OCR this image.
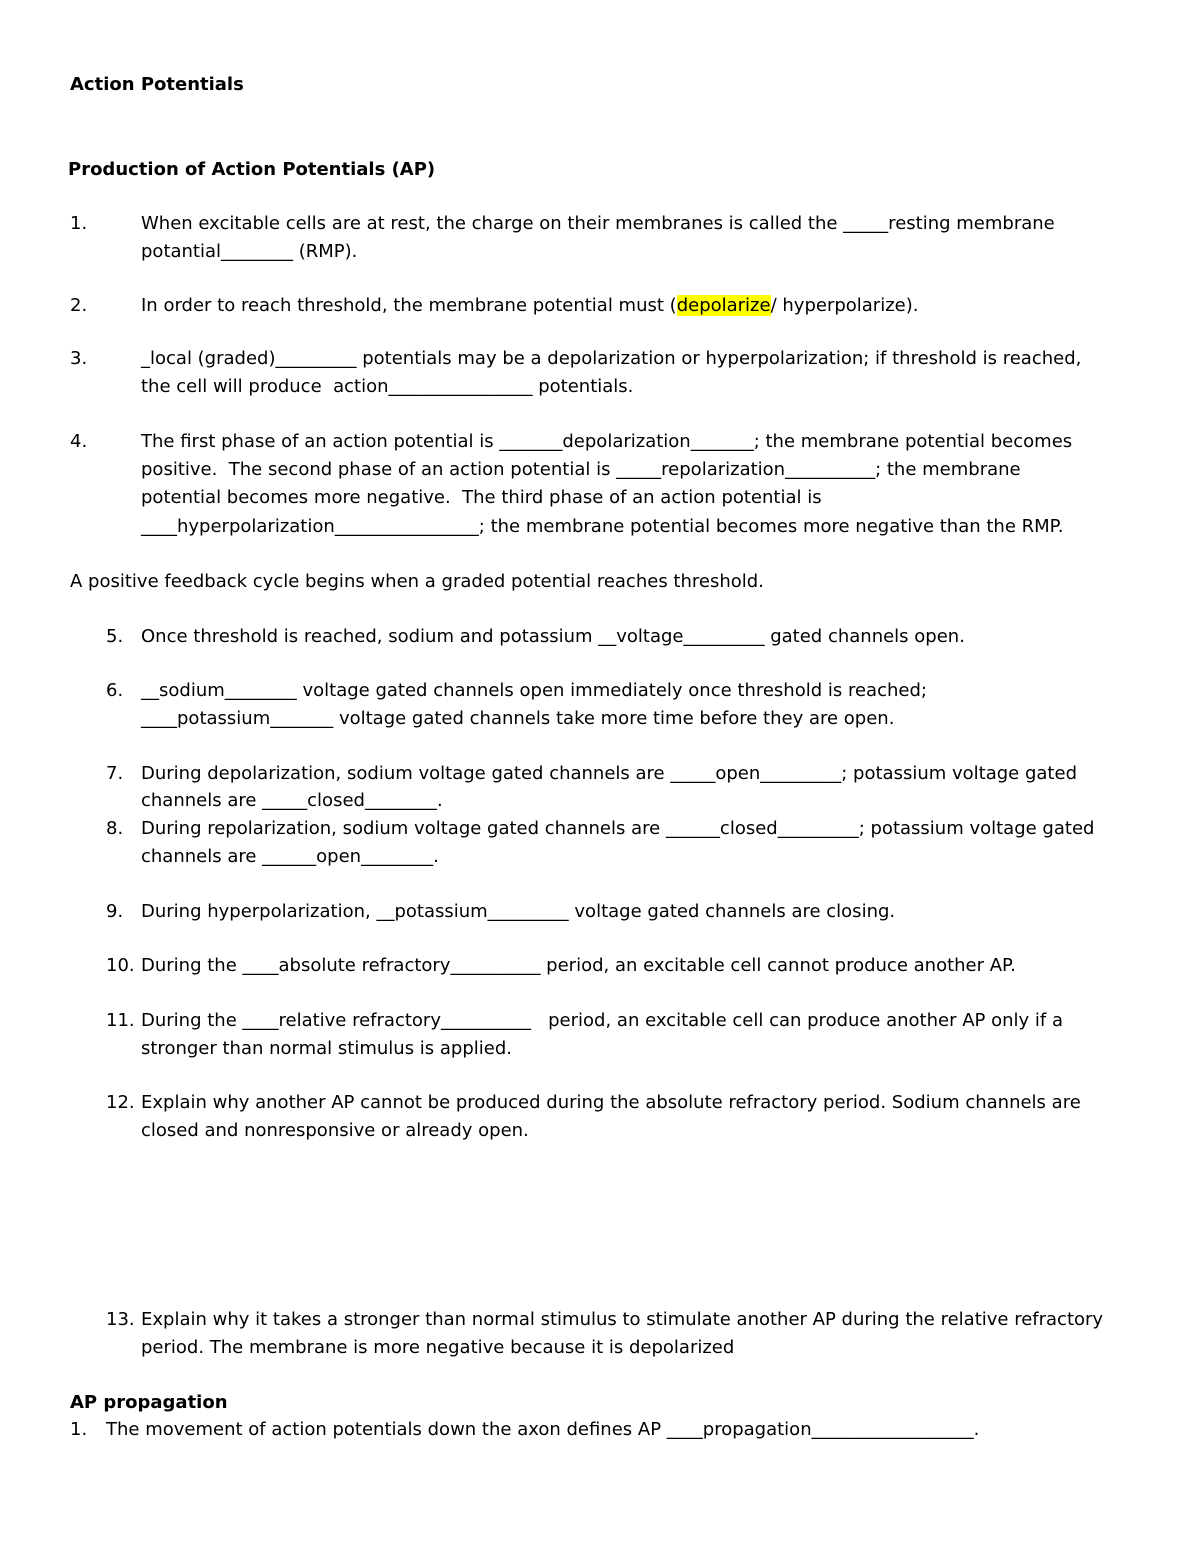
Action Potentials
Production of Action Potentials (AP)
1.	When excitable cells are at rest, the charge on their membranes is called the _____resting membrane
potantial________ (RMP).
2.	In order to reach threshold, the membrane potential must (depolarize/ hyperpolarize).
3.	_local (graded)_________ potentials may be a depolarization or hyperpolarization; if threshold is reached,
the cell will produce  action________________ potentials.
4.	The first phase of an action potential is _______depolarization_______; the membrane potential becomes
positive.  The second phase of an action potential is _____repolarization__________; the membrane
potential becomes more negative.  The third phase of an action potential is
____hyperpolarization________________; the membrane potential becomes more negative than the RMP.
A positive feedback cycle begins when a graded potential reaches threshold.
5. Once threshold is reached, sodium and potassium __voltage_________ gated channels open.
6. __sodium________ voltage gated channels open immediately once threshold is reached;
____potassium_______ voltage gated channels take more time before they are open.
7. During depolarization, sodium voltage gated channels are _____open_________; potassium voltage gated
channels are _____closed________.
8. During repolarization, sodium voltage gated channels are ______closed_________; potassium voltage gated
channels are ______open________.
9. During hyperpolarization, __potassium_________ voltage gated channels are closing.
10. During the ____absolute refractory__________ period, an excitable cell cannot produce another AP.
11. During the ____relative refractory__________   period, an excitable cell can produce another AP only if a
stronger than normal stimulus is applied.
12. Explain why another AP cannot be produced during the absolute refractory period. Sodium channels are
closed and nonresponsive or already open.
13. Explain why it takes a stronger than normal stimulus to stimulate another AP during the relative refractory
period. The membrane is more negative because it is depolarized
AP propagation
1. The movement of action potentials down the axon defines AP ____propagation__________________.
